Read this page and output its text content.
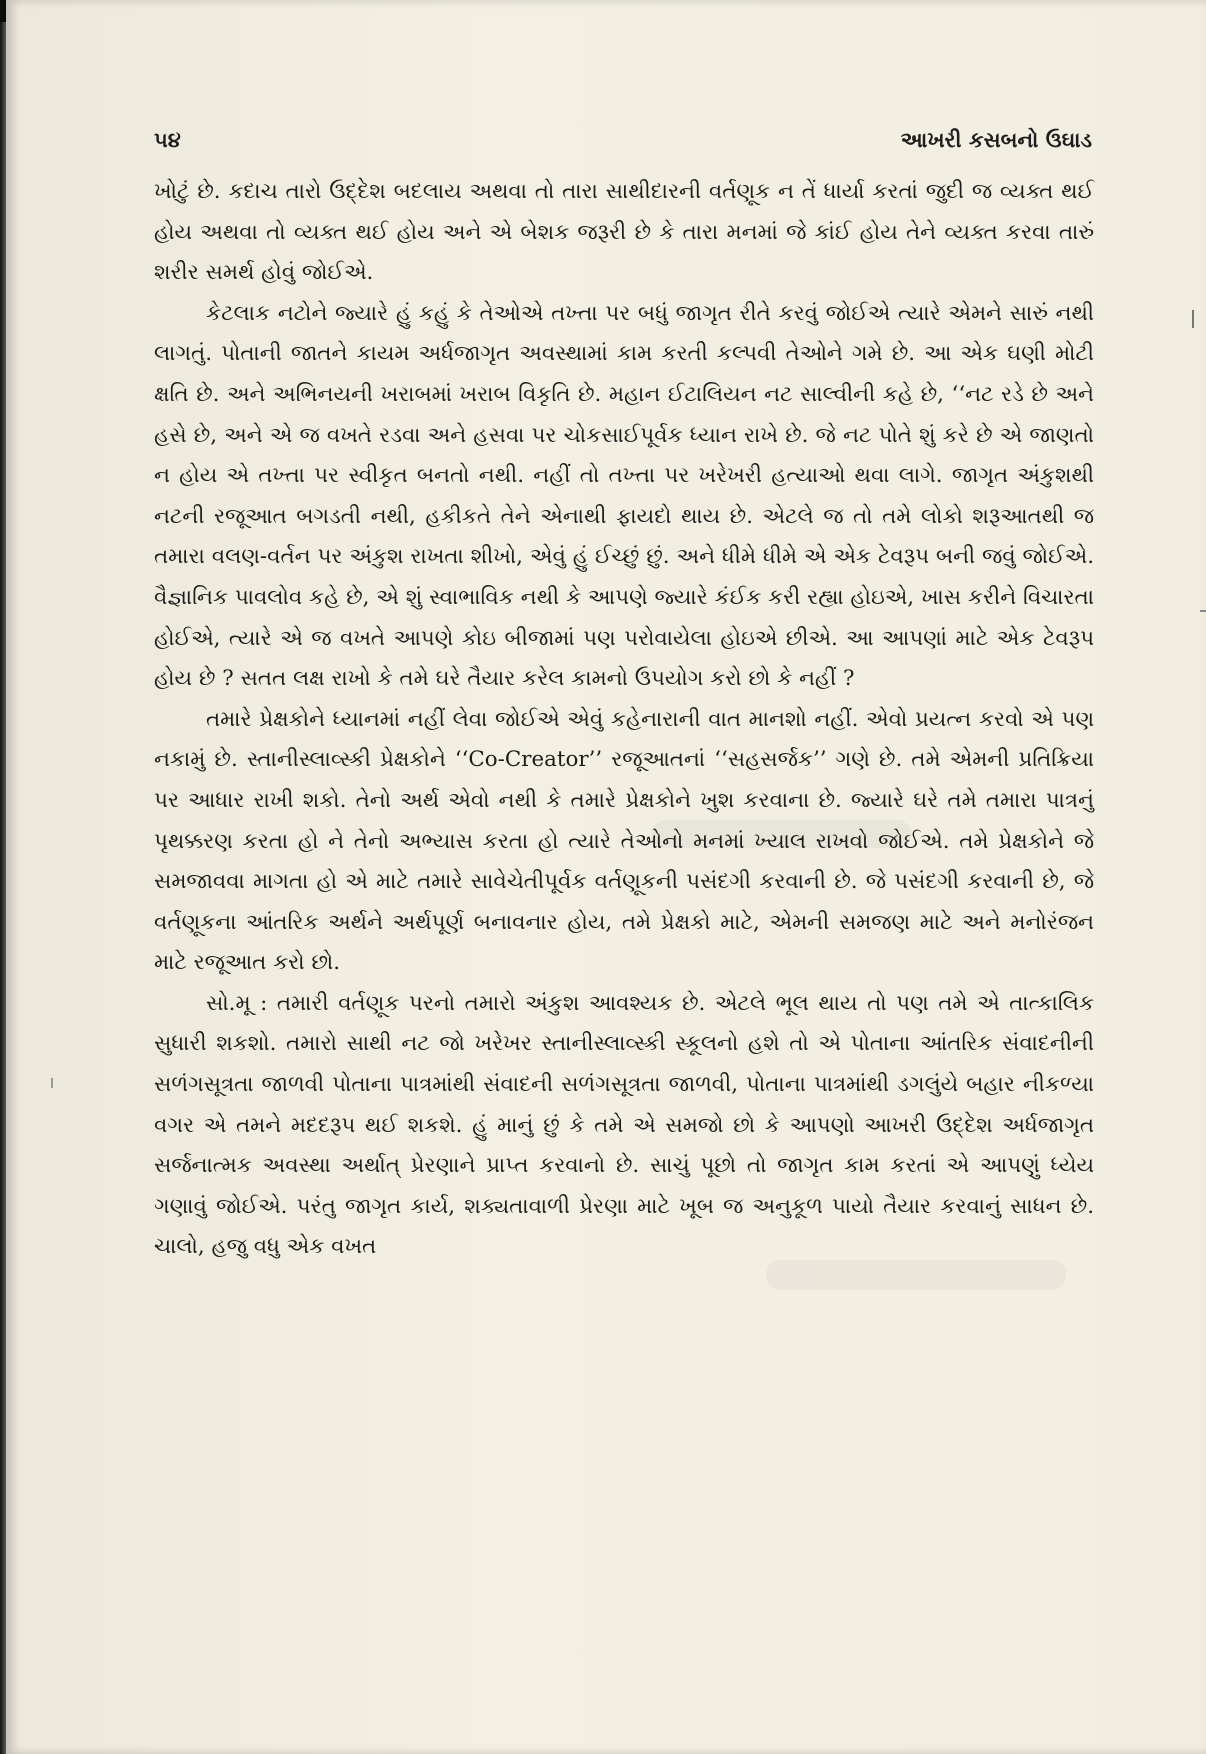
૫૪	આખરી કસબનો ઉઘાડ

ખોટું છે. કદાચ તારો ઉદ્દેશ બદલાય અથવા તો તારા સાથીદારની વર્તણૂક ન તેં ધાર્યા કરતાં જુદી જ વ્યક્ત થઈ હોય અથવા તો વ્યક્ત થઈ હોય અને એ બેશક જરૂરી છે કે તારા મનમાં જે કાંઈ હોય તેને વ્યક્ત કરવા તારું શરીર સમર્થ હોવું જોઈએ.

કેટલાક નટોને જ્યારે હું કહું કે તેઓએ તખ્તા પર બધું જાગૃત રીતે કરવું જોઈએ ત્યારે એમને સારું નથી લાગતું. પોતાની જાતને કાયમ અર્ધજાગૃત અવસ્થામાં કામ કરતી કલ્પવી તેઓને ગમે છે. આ એક ઘણી મોટી ક્ષતિ છે. અને અભિનયની ખરાબમાં ખરાબ વિકૃતિ છે. મહાન ઈટાલિયન નટ સાલ્વીની કહે છે, ‘‘નટ રડે છે અને હસે છે, અને એ જ વખતે રડવા અને હસવા પર ચોકસાઈપૂર્વક ધ્યાન રાખે છે. જે નટ પોતે શું કરે છે એ જાણતો ન હોય એ તખ્તા પર સ્વીકૃત બનતો નથી. નહીં તો તખ્તા પર ખરેખરી હત્યાઓ થવા લાગે. જાગૃત અંકુશથી નટની રજૂઆત બગડતી નથી, હકીકતે તેને એનાથી ફાયદો થાય છે. એટલે જ તો તમે લોકો શરૂઆતથી જ તમારા વલણ-વર્તન પર અંકુશ રાખતા શીખો, એવું હું ઈચ્છું છું. અને ધીમે ધીમે એ એક ટેવરૂપ બની જવું જોઈએ. વૈજ્ઞાનિક પાવલોવ કહે છે, એ શું સ્વાભાવિક નથી કે આપણે જ્યારે કંઈક કરી રહ્યા હોઇએ, ખાસ કરીને વિચારતા હોઈએ, ત્યારે એ જ વખતે આપણે કોઇ બીજામાં પણ પરોવાયેલા હોઇએ છીએ. આ આપણાં માટે એક ટેવરૂપ હોય છે ? સતત લક્ષ રાખો કે તમે ઘરે તૈયાર કરેલ કામનો ઉપયોગ કરો છો કે નહીં ?

તમારે પ્રેક્ષકોને ધ્યાનમાં નહીં લેવા જોઈએ એવું કહેનારાની વાત માનશો નહીં. એવો પ્રયત્ન કરવો એ પણ નકામું છે. સ્તાનીસ્લાવ્સ્કી પ્રેક્ષકોને ‘‘Co-Creator’’ રજૂઆતનાં ‘‘સહસર્જક’’ ગણે છે. તમે એમની પ્રતિક્રિયા પર આધાર રાખી શકો. તેનો અર્થ એવો નથી કે તમારે પ્રેક્ષકોને ખુશ કરવાના છે. જ્યારે ઘરે તમે તમારા પાત્રનું પૃથક્કરણ કરતા હો ને તેનો અભ્યાસ કરતા હો ત્યારે તેઓનો મનમાં ખ્યાલ રાખવો જોઈએ. તમે પ્રેક્ષકોને જે સમજાવવા માગતા હો એ માટે તમારે સાવેચેતીપૂર્વક વર્તણૂકની પસંદગી કરવાની છે. જે પસંદગી કરવાની છે, જે વર્તણૂકના આંતરિક અર્થને અર્થપૂર્ણ બનાવનાર હોય, તમે પ્રેક્ષકો માટે, એમની સમજણ માટે અને મનોરંજન માટે રજૂઆત કરો છો.

સો.મૂ : તમારી વર્તણૂક પરનો તમારો અંકુશ આવશ્યક છે. એટલે ભૂલ થાય તો પણ તમે એ તાત્કાલિક સુધારી શકશો. તમારો સાથી નટ જો ખરેખર સ્તાનીસ્લાવ્સ્કી સ્કૂલનો હશે તો એ પોતાના આંતરિક સંવાદનીની સળંગસૂત્રતા જાળવી પોતાના પાત્રમાંથી સંવાદની સળંગસૂત્રતા જાળવી, પોતાના પાત્રમાંથી ડગલુંયે બહાર નીકળ્યા વગર એ તમને મદદરૂપ થઈ શકશે. હું માનું છું કે તમે એ સમજો છો કે આપણો આખરી ઉદ્દેશ અર્ધજાગૃત સર્જનાત્મક અવસ્થા અર્થાત્ પ્રેરણાને પ્રાપ્ત કરવાનો છે. સાચું પૂછો તો જાગૃત કામ કરતાં એ આપણું ધ્યેય ગણાવું જોઈએ. પરંતુ જાગૃત કાર્ય, શક્યતાવાળી પ્રેરણા માટે ખૂબ જ અનુકૂળ પાયો તૈયાર કરવાનું સાધન છે. ચાલો, હજુ વધુ એક વખત
